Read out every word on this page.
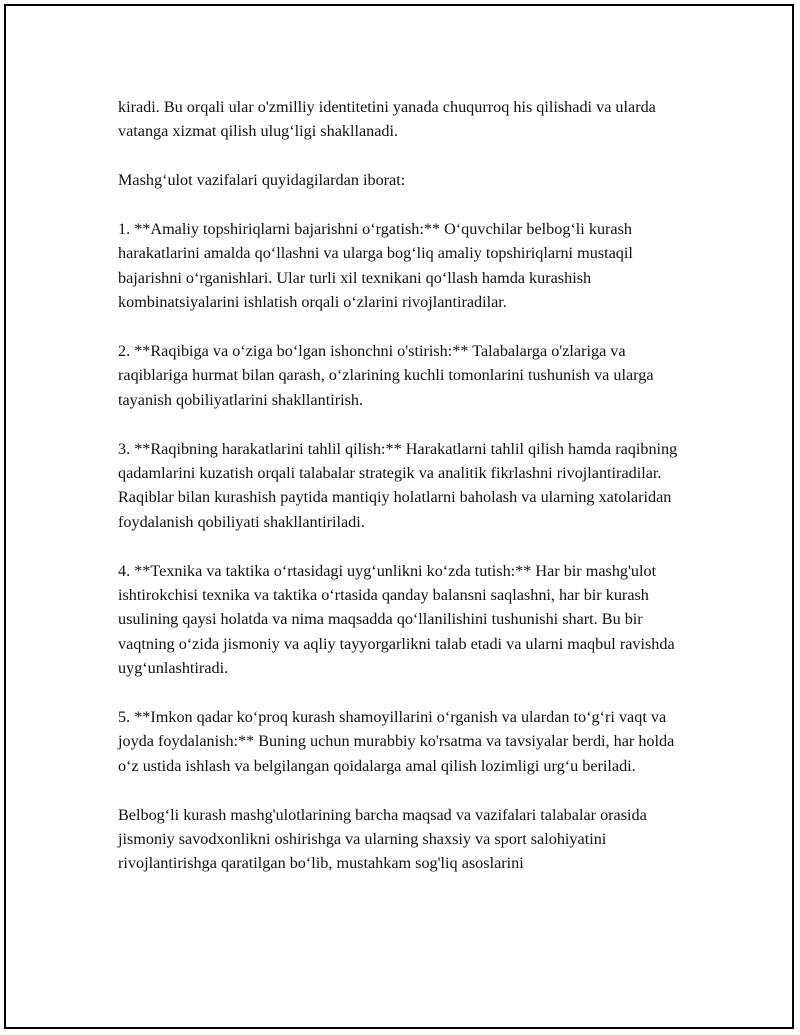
kiradi. Bu orqali ular o'zmilliy identitetini yanada chuqurroq his qilishadi va ularda vatanga xizmat qilish ulug‘ligi shakllanadi.

Mashg‘ulot vazifalari quyidagilardan iborat:

1. **Amaliy topshiriqlarni bajarishni o‘rgatish:** O‘quvchilar belbog‘li kurash harakatlarini amalda qo‘llashni va ularga bog‘liq amaliy topshiriqlarni mustaqil bajarishni o‘rganishlari. Ular turli xil texnikani qo‘llash hamda kurashish kombinatsiyalarini ishlatish orqali o‘zlarini rivojlantiradilar.

2. **Raqibiga va o‘ziga bo‘lgan ishonchni o'stirish:** Talabalarga o'zlariga va raqiblariga hurmat bilan qarash, o‘zlarining kuchli tomonlarini tushunish va ularga tayanish qobiliyatlarini shakllantirish.

3. **Raqibning harakatlarini tahlil qilish:** Harakatlarni tahlil qilish hamda raqibning qadamlarini kuzatish orqali talabalar strategik va analitik fikrlashni rivojlantiradilar. Raqiblar bilan kurashish paytida mantiqiy holatlarni baholash va ularning xatolaridan foydalanish qobiliyati shakllantiriladi.

4. **Texnika va taktika o‘rtasidagi uyg‘unlikni ko‘zda tutish:** Har bir mashg'ulot ishtirokchisi texnika va taktika o‘rtasida qanday balansni saqlashni, har bir kurash usulining qaysi holatda va nima maqsadda qo‘llanilishini tushunishi shart. Bu bir vaqtning o‘zida jismoniy va aqliy tayyorgarlikni talab etadi va ularni maqbul ravishda uyg‘unlashtiradi.

5. **Imkon qadar ko‘proq kurash shamoyillarini o‘rganish va ulardan to‘g‘ri vaqt va joyda foydalanish:** Buning uchun murabbiy ko'rsatma va tavsiyalar berdi, har holda o‘z ustida ishlash va belgilangan qoidalarga amal qilish lozimligi urg‘u beriladi.

Belbog‘li kurash mashg'ulotlarining barcha maqsad va vazifalari talabalar orasida jismoniy savodxonlikni oshirishga va ularning shaxsiy va sport salohiyatini rivojlantirishga qaratilgan bo‘lib, mustahkam sog'liq asoslarini
